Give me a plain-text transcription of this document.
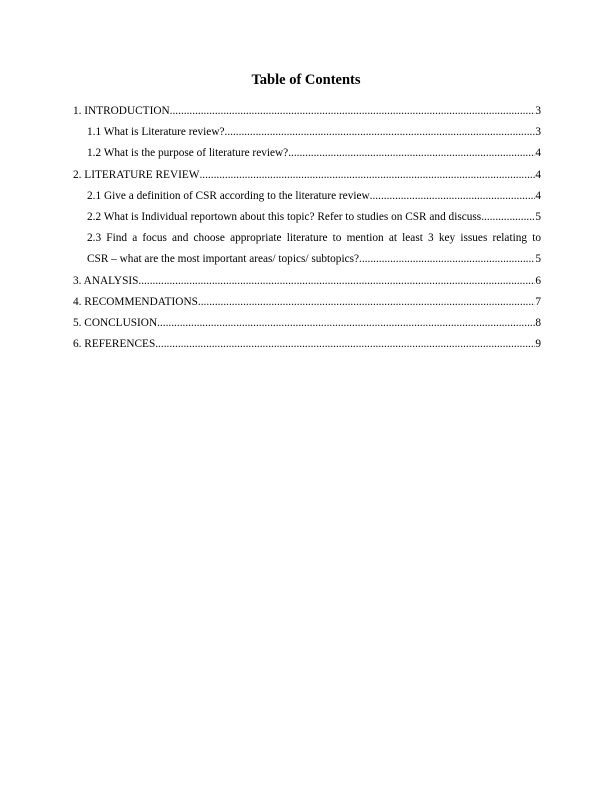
Table of Contents
1. INTRODUCTION .....	3
1.1 What is Literature review? .....	3
1.2 What is the purpose of literature review? .....	4
2. LITERATURE REVIEW .....	4
2.1 Give a definition of CSR according to the literature review .....	4
2.2 What is Individual reportown about this topic? Refer to studies on CSR and discuss. .....	5
2.3 Find a focus and choose appropriate literature to mention at least 3 key issues relating to
CSR – what are the most important areas/ topics/ subtopics? .....	5
3. ANALYSIS .....	6
4. RECOMMENDATIONS .....	7
5. CONCLUSION .....	8
6. REFERENCES .....	9
